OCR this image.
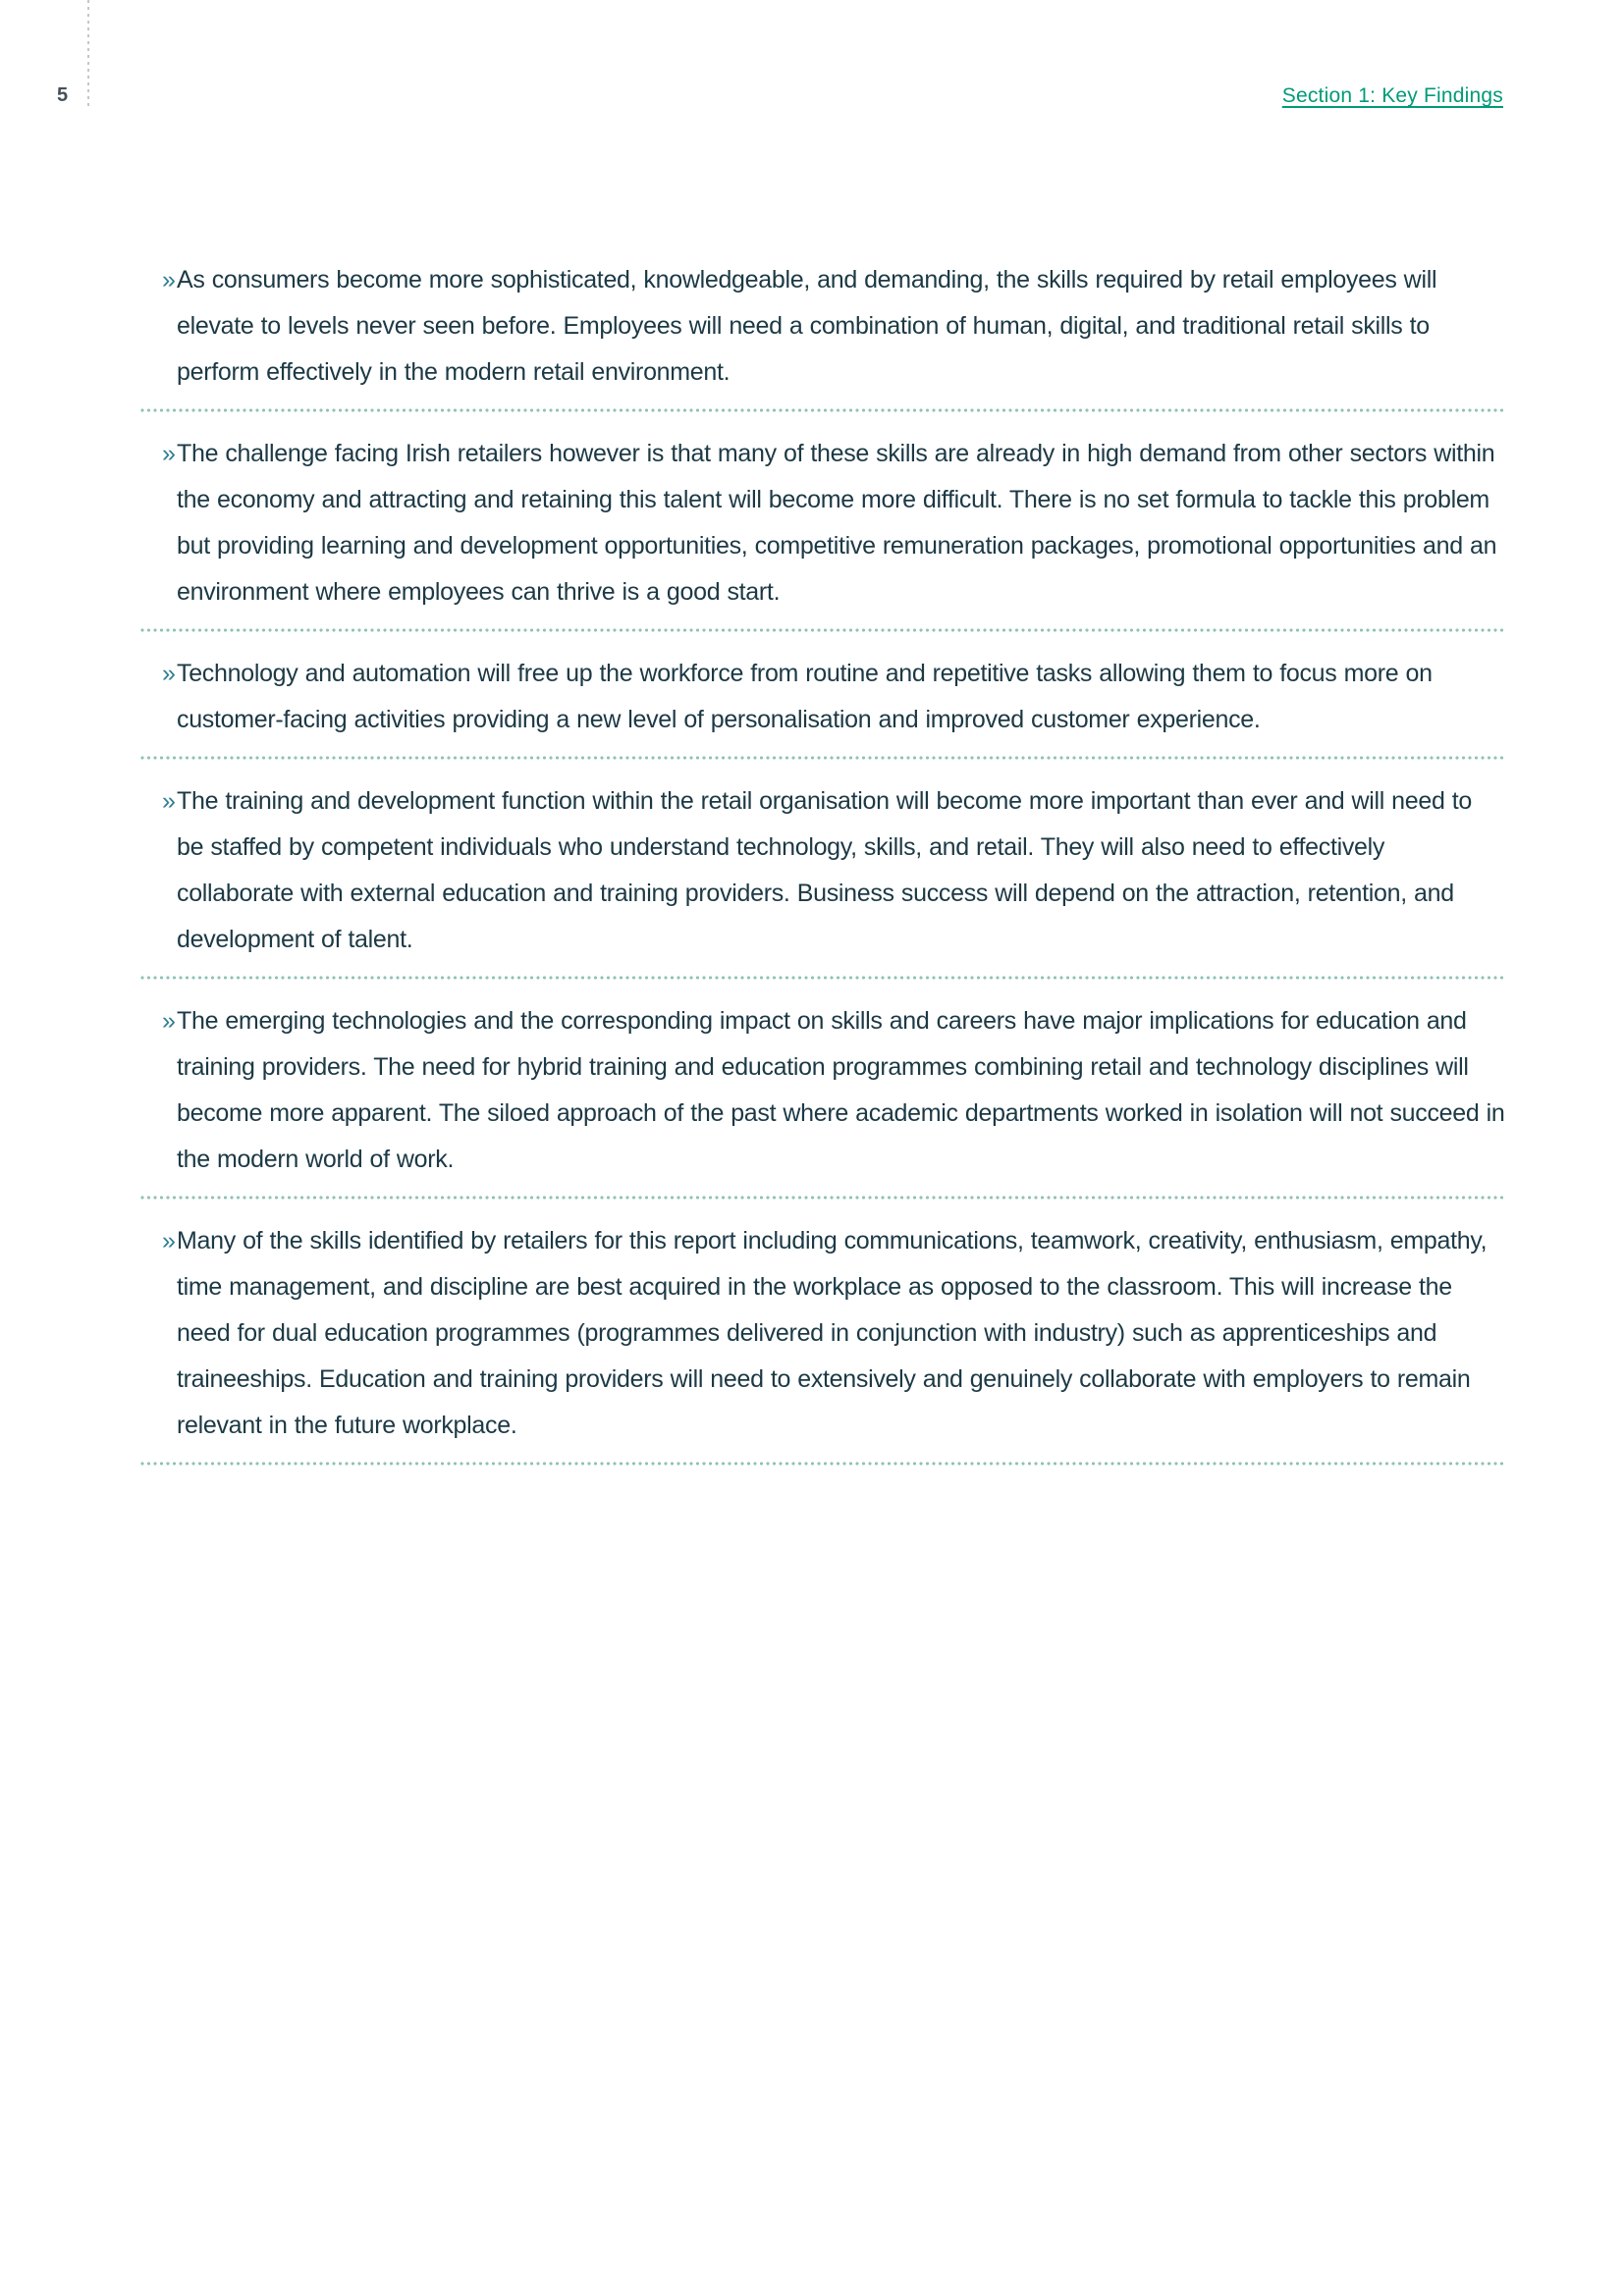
5	Section 1: Key Findings
» As consumers become more sophisticated, knowledgeable, and demanding, the skills required by retail employees will elevate to levels never seen before. Employees will need a combination of human, digital, and traditional retail skills to perform effectively in the modern retail environment.

» The challenge facing Irish retailers however is that many of these skills are already in high demand from other sectors within the economy and attracting and retaining this talent will become more difficult. There is no set formula to tackle this problem but providing learning and development opportunities, competitive remuneration packages, promotional opportunities and an environment where employees can thrive is a good start.

» Technology and automation will free up the workforce from routine and repetitive tasks allowing them to focus more on customer-facing activities providing a new level of personalisation and improved customer experience.

» The training and development function within the retail organisation will become more important than ever and will need to be staffed by competent individuals who understand technology, skills, and retail. They will also need to effectively collaborate with external education and training providers. Business success will depend on the attraction, retention, and development of talent.

» The emerging technologies and the corresponding impact on skills and careers have major implications for education and training providers. The need for hybrid training and education programmes combining retail and technology disciplines will become more apparent. The siloed approach of the past where academic departments worked in isolation will not succeed in the modern world of work.

» Many of the skills identified by retailers for this report including communications, teamwork, creativity, enthusiasm, empathy, time management, and discipline are best acquired in the workplace as opposed to the classroom. This will increase the need for dual education programmes (programmes delivered in conjunction with industry) such as apprenticeships and traineeships. Education and training providers will need to extensively and genuinely collaborate with employers to remain relevant in the future workplace.
